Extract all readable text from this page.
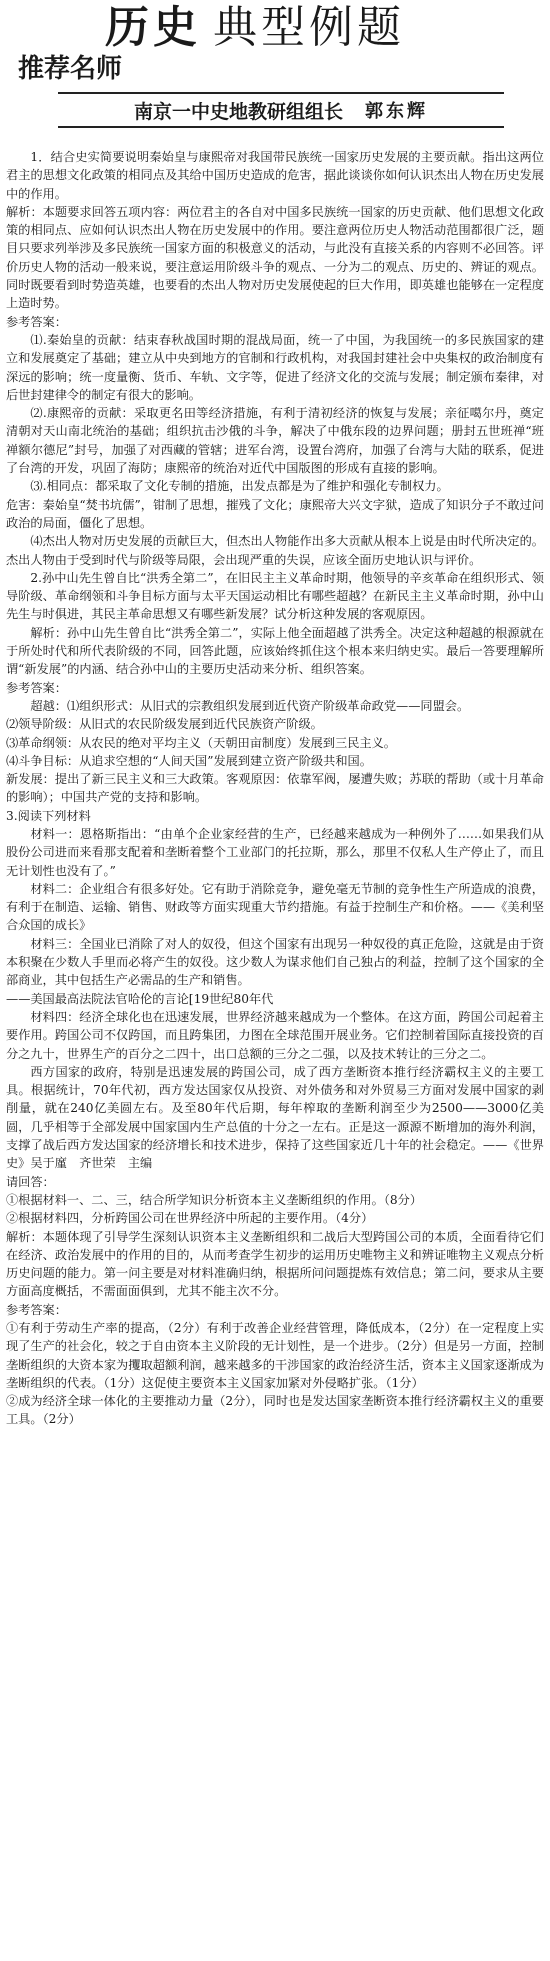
历史 典型例题
推荐名师
南京一中史地教研组组长 郭东辉

1．结合史实简要说明秦始皇与康熙帝对我国带民族统一国家历史发展的主要贡献。指出这两位君主的思想文化政策的相同点及其给中国历史造成的危害，据此谈谈你如何认识杰出人物在历史发展中的作用。

解析：本题要求回答五项内容：两位君主的各自对中国多民族统一国家的历史贡献、他们思想文化政策的相同点、应如何认识杰出人物在历史发展中的作用。要注意两位历史人物活动范围都很广泛，题目只要求列举涉及多民族统一国家方面的积极意义的活动，与此没有直接关系的内容则不必回答。评价历史人物的活动一般来说，要注意运用阶级斗争的观点、一分为二的观点、历史的、辨证的观点。同时既要看到时势造英雄，也要看的杰出人物对历史发展使起的巨大作用，即英雄也能够在一定程度上造时势。

参考答案：

⑴.秦始皇的贡献：结束春秋战国时期的混战局面，统一了中国，为我国统一的多民族国家的建立和发展奠定了基础；建立从中央到地方的官制和行政机构，对我国封建社会中央集权的政治制度有深远的影响；统一度量衡、货币、车轨、文字等，促进了经济文化的交流与发展；制定颁布秦律，对后世封建律令的制定有很大的影响。

⑵.康熙帝的贡献：采取更名田等经济措施，有利于清初经济的恢复与发展；亲征噶尔丹，奠定清朝对天山南北统治的基础；组织抗击沙俄的斗争，解决了中俄东段的边界问题；册封五世班禅“班禅额尔德尼”封号，加强了对西藏的管辖；进军台湾，设置台湾府，加强了台湾与大陆的联系，促进了台湾的开发，巩固了海防；康熙帝的统治对近代中国版图的形成有直接的影响。

⑶.相同点：都采取了文化专制的措施，出发点都是为了维护和强化专制权力。

危害：秦始皇“焚书坑儒”，钳制了思想，摧残了文化；康熙帝大兴文字狱，造成了知识分子不敢过问政治的局面，僵化了思想。

⑷杰出人物对历史发展的贡献巨大，但杰出人物能作出多大贡献从根本上说是由时代所决定的。杰出人物由于受到时代与阶级等局限，会出现严重的失误，应该全面历史地认识与评价。

2.孙中山先生曾自比“洪秀全第二”，在旧民主主义革命时期，他领导的辛亥革命在组织形式、领导阶级、革命纲领和斗争目标方面与太平天国运动相比有哪些超越？在新民主主义革命时期，孙中山先生与时俱进，其民主革命思想又有哪些新发展？试分析这种发展的客观原因。

解析：孙中山先生曾自比“洪秀全第二”，实际上他全面超越了洪秀全。决定这种超越的根源就在于所处时代和所代表阶级的不同，回答此题，应该始终抓住这个根本来归纳史实。最后一答要理解所谓“新发展”的内涵、结合孙中山的主要历史活动来分析、组织答案。

参考答案：

超越：⑴组织形式：从旧式的宗教组织发展到近代资产阶级革命政党——同盟会。

⑵领导阶级：从旧式的农民阶级发展到近代民族资产阶级。

⑶革命纲领：从农民的绝对平均主义（天朝田亩制度）发展到三民主义。

⑷斗争目标：从追求空想的“人间天国”发展到建立资产阶级共和国。

新发展：提出了新三民主义和三大政策。客观原因：依靠军阀，屡遭失败；苏联的帮助（或十月革命的影响）；中国共产党的支持和影响。

3.阅读下列材料

材料一：恩格斯指出：“由单个企业家经营的生产，已经越来越成为一种例外了……如果我们从股份公司进而来看那支配着和垄断着整个工业部门的托拉斯，那么，那里不仅私人生产停止了，而且无计划性也没有了。”

材料二：企业组合有很多好处。它有助于消除竞争，避免毫无节制的竞争性生产所造成的浪费，有利于在制造、运输、销售、财政等方面实现重大节约措施。有益于控制生产和价格。——《美利坚合众国的成长》

材料三：全国业已消除了对人的奴役，但这个国家有出现另一种奴役的真正危险，这就是由于资本积聚在少数人手里而必将产生的奴役。这少数人为谋求他们自己独占的利益，控制了这个国家的全部商业，其中包括生产必需品的生产和销售。

——美国最高法院法官哈伦的言论[19世纪80年代

材料四：经济全球化也在迅速发展，世界经济越来越成为一个整体。在这方面，跨国公司起着主要作用。跨国公司不仅跨国，而且跨集团，力图在全球范围开展业务。它们控制着国际直接投资的百分之九十，世界生产的百分之二四十，出口总额的三分之二强，以及技术转让的三分之二。

西方国家的政府，特别是迅速发展的跨国公司，成了西方垄断资本推行经济霸权主义的主要工具。根据统计，70年代初，西方发达国家仅从投资、对外债务和对外贸易三方面对发展中国家的剥削量，就在240亿美圆左右。及至80年代后期，每年榨取的垄断利润至少为2500——3000亿美圆，几乎相等于全部发展中国家国内生产总值的十分之一左右。正是这一源源不断增加的海外利润，支撑了战后西方发达国家的经济增长和技术进步，保持了这些国家近几十年的社会稳定。——《世界史》吴于廑　齐世荣　主编

请回答：

①根据材料一、二、三，结合所学知识分析资本主义垄断组织的作用。（8分）

②根据材料四，分析跨国公司在世界经济中所起的主要作用。（4分）

解析：本题体现了引导学生深刻认识资本主义垄断组织和二战后大型跨国公司的本质，全面看待它们在经济、政治发展中的作用的目的，从而考查学生初步的运用历史唯物主义和辨证唯物主义观点分析历史问题的能力。第一问主要是对材料准确归纳，根据所问问题提炼有效信息；第二问，要求从主要方面高度概括，不需面面俱到，尤其不能主次不分。

参考答案：

①有利于劳动生产率的提高，（2分）有利于改善企业经营管理，降低成本，（2分）在一定程度上实现了生产的社会化，较之于自由资本主义阶段的无计划性，是一个进步。（2分）但是另一方面，控制垄断组织的大资本家为攫取超额利润，越来越多的干涉国家的政治经济生活，资本主义国家逐渐成为垄断组织的代表。（1分）这促使主要资本主义国家加紧对外侵略扩张。（1分）

②成为经济全球一体化的主要推动力量（2分），同时也是发达国家垄断资本推行经济霸权主义的重要工具。（2分）
